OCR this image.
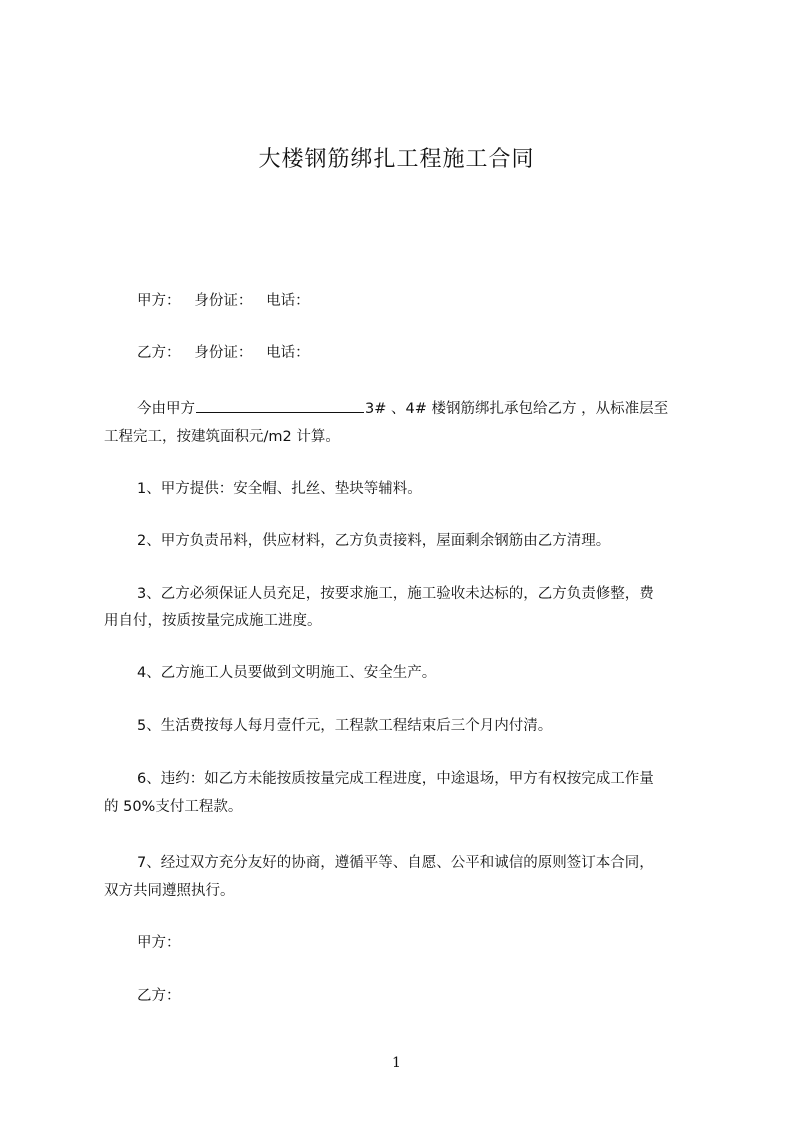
大楼钢筋绑扎工程施工合同
甲方：   身份证：   电话：
乙方：   身份证：   电话：
今由甲方	3# 、4# 楼钢筋绑扎承包给乙方 ，从标准层至
工程完工，按建筑面积元/m2 计算。
1、甲方提供：安全帽、扎丝、垫块等辅料。
2、甲方负责吊料，供应材料，乙方负责接料，屋面剩余钢筋由乙方清理。
3、乙方必须保证人员充足，按要求施工，施工验收未达标的，乙方负责修整，费
用自付，按质按量完成施工进度。
4、乙方施工人员要做到文明施工、安全生产。
5、生活费按每人每月壹仟元，工程款工程结束后三个月内付清。
6、违约：如乙方未能按质按量完成工程进度，中途退场，甲方有权按完成工作量
的 50%支付工程款。
7、经过双方充分友好的协商，遵循平等、自愿、公平和诚信的原则签订本合同，
双方共同遵照执行。
甲方：
乙方：
1
